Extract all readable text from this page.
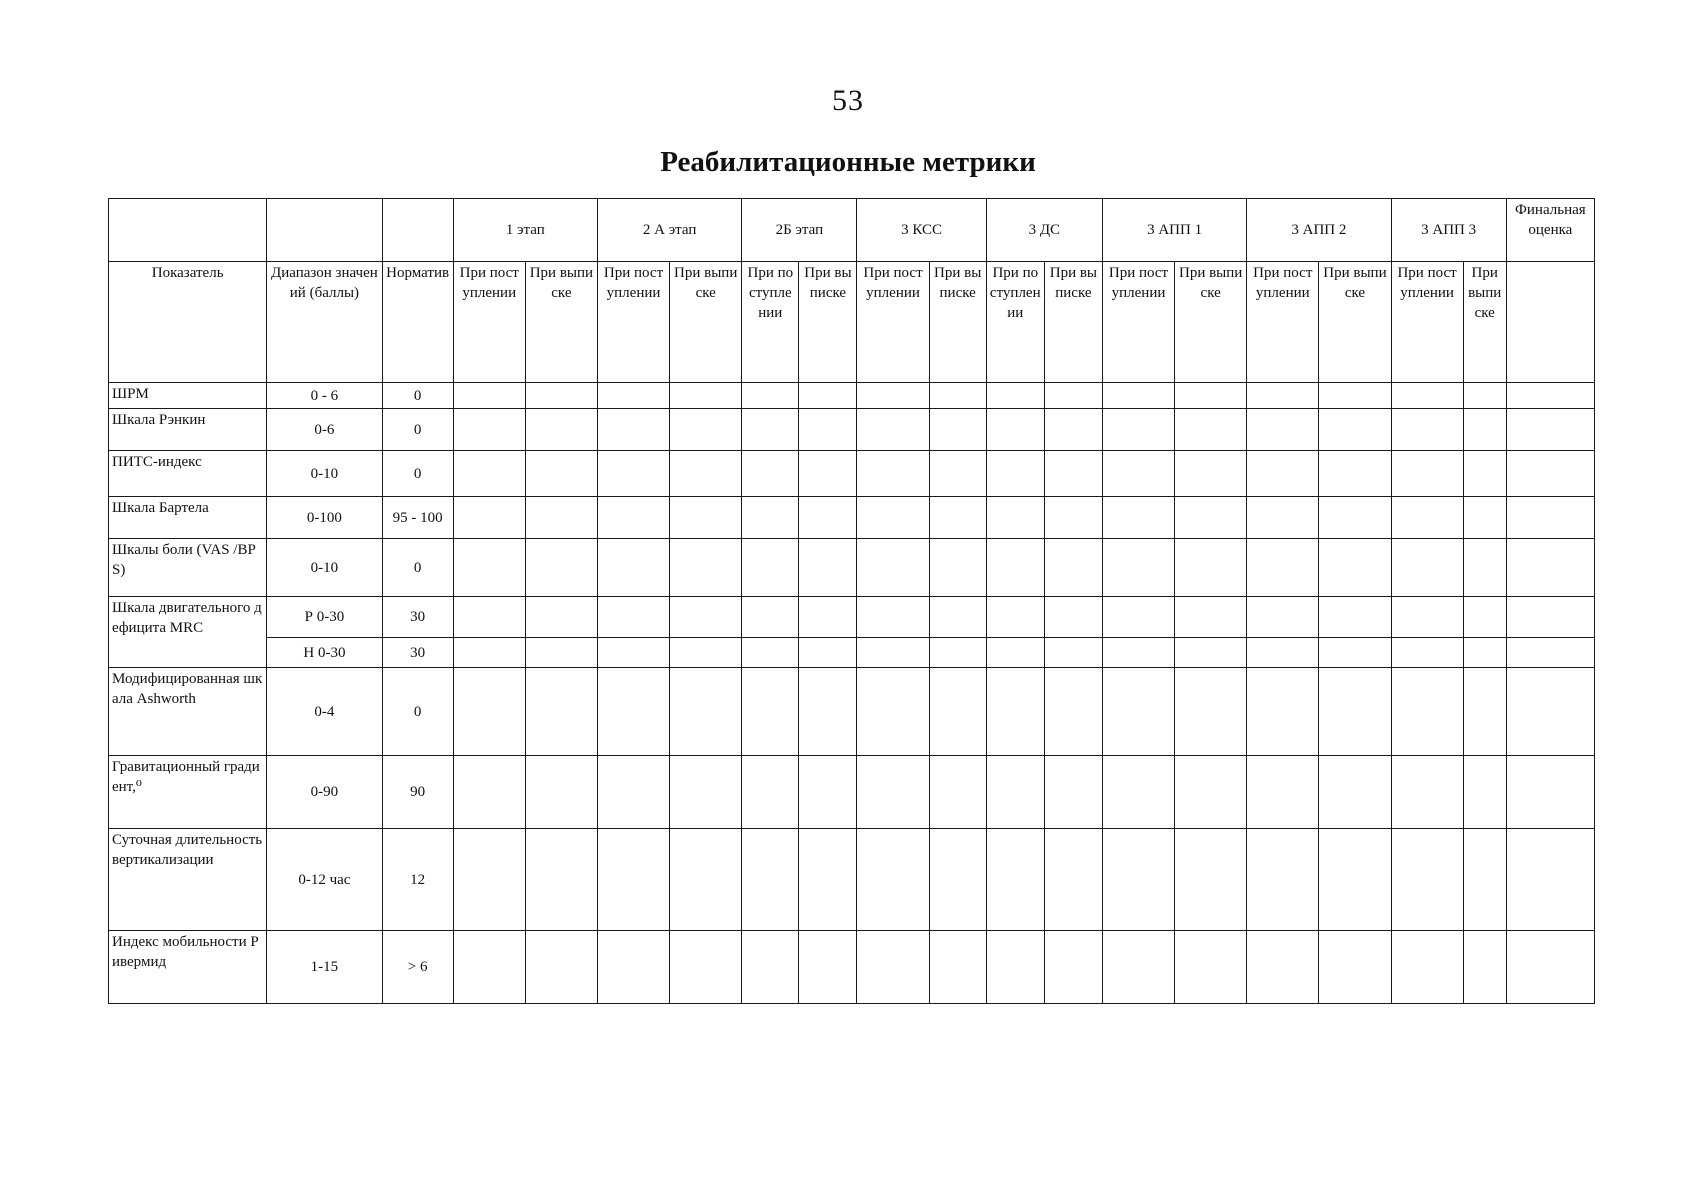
53
Реабилитационные метрики
			1 этап		2 А этап		2Б этап		3 КСС		3 ДС		3 АПП 1		3 АПП 2		3 АПП 3		Финальная оценка
Показатель	Диапазон значений (баллы)	Норматив	При поступлении	При выписке	При поступлении	При выписке	При поступлении	При выписке	При поступлении	При выписке	При поступлении	При выписке	При поступлении	При выписке	При поступлении	При выписке	При поступлении	При выписке	
ШРМ	0 - 6	0																	
Шкала Рэнкин	0-6	0																	
ПИТС-индекс	0-10	0																	
Шкала Бартела	0-100	95 - 100																	
Шкалы боли (VAS /BPS)	0-10	0																	
Шкала двигательного дефицита MRC	Р 0-30	30																	
	Н 0-30	30																	
Модифицированная шкала Ashworth	0-4	0																	
Гравитационный градиент,⁰	0-90	90																	
Суточная длительность вертикализации	0-12 час	12																	
Индекс мобильности Ривермид	1-15	> 6																	
